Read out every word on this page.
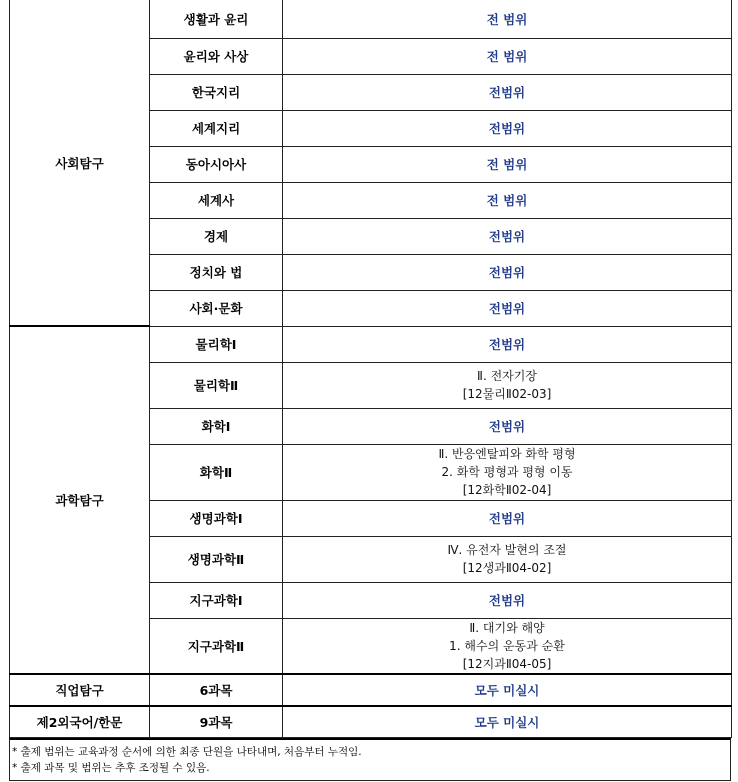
사회탐구	생활과 윤리	전 범위
	윤리와 사상	전 범위
	한국지리	전범위
	세계지리	전범위
	동아시아사	전 범위
	세계사	전 범위
	경제	전범위
	정치와 법	전범위
	사회·문화	전범위
과학탐구	물리학Ⅰ	전범위
	물리학Ⅱ	Ⅱ. 전자기장
[12물리Ⅱ02-03]

	화학Ⅰ	전범위
	화학Ⅱ	Ⅱ. 반응엔탈피와 화학 평형
2. 화학 평형과 평형 이동
[12화학Ⅱ02-04]

	생명과학Ⅰ	전범위
	생명과학Ⅱ	Ⅳ. 유전자 발현의 조절
[12생과Ⅱ04-02]

	지구과학Ⅰ	전범위
	지구과학Ⅱ	Ⅱ. 대기와 해양
1. 해수의 운동과 순환
[12지과Ⅱ04-05]

직업탐구	6과목	모두 미실시
제2외국어/한문	9과목	모두 미실시
* 출제 범위는 교육과정 순서에 의한 최종 단원을 나타내며, 처음부터 누적임.
* 출제 과목 및 범위는 추후 조정될 수 있음.
